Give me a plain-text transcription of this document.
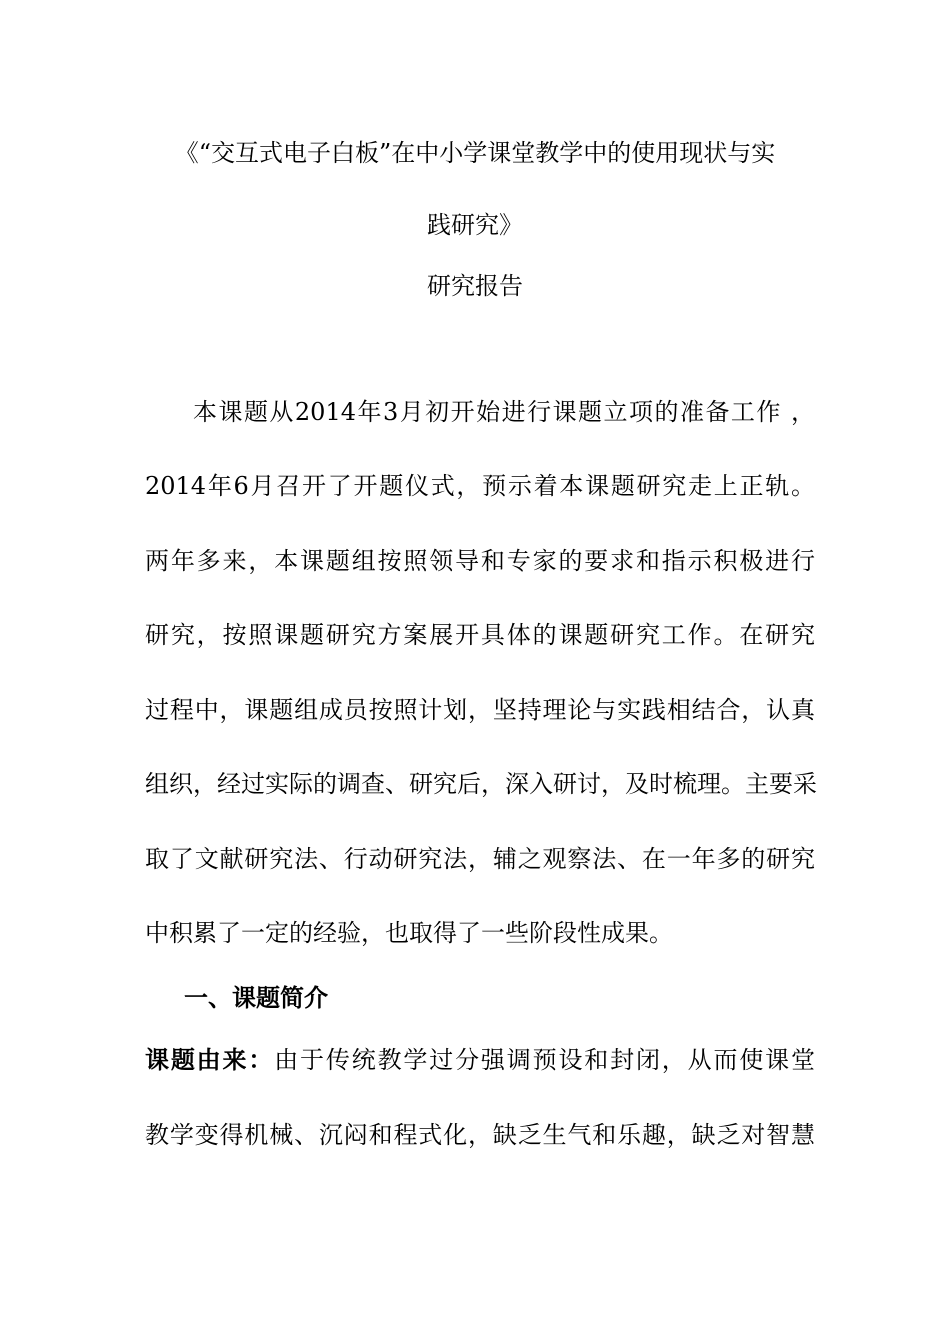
《“交互式电子白板”在中小学课堂教学中的使用现状与实
践研究》
研究报告
本课题从2014年3月初开始进行课题立项的准备工作 ，
2014年6月召开了开题仪式，预示着本课题研究走上正轨。
两年多来，本课题组按照领导和专家的要求和指示积极进行
研究，按照课题研究方案展开具体的课题研究工作。在研究
过程中，课题组成员按照计划，坚持理论与实践相结合，认真
组织，经过实际的调查、研究后，深入研讨，及时梳理。主要采
取了文献研究法、行动研究法，辅之观察法、在一年多的研究
中积累了一定的经验，也取得了一些阶段性成果。
一、课题简介
课题由来：由于传统教学过分强调预设和封闭，从而使课堂
教学变得机械、沉闷和程式化，缺乏生气和乐趣，缺乏对智慧
